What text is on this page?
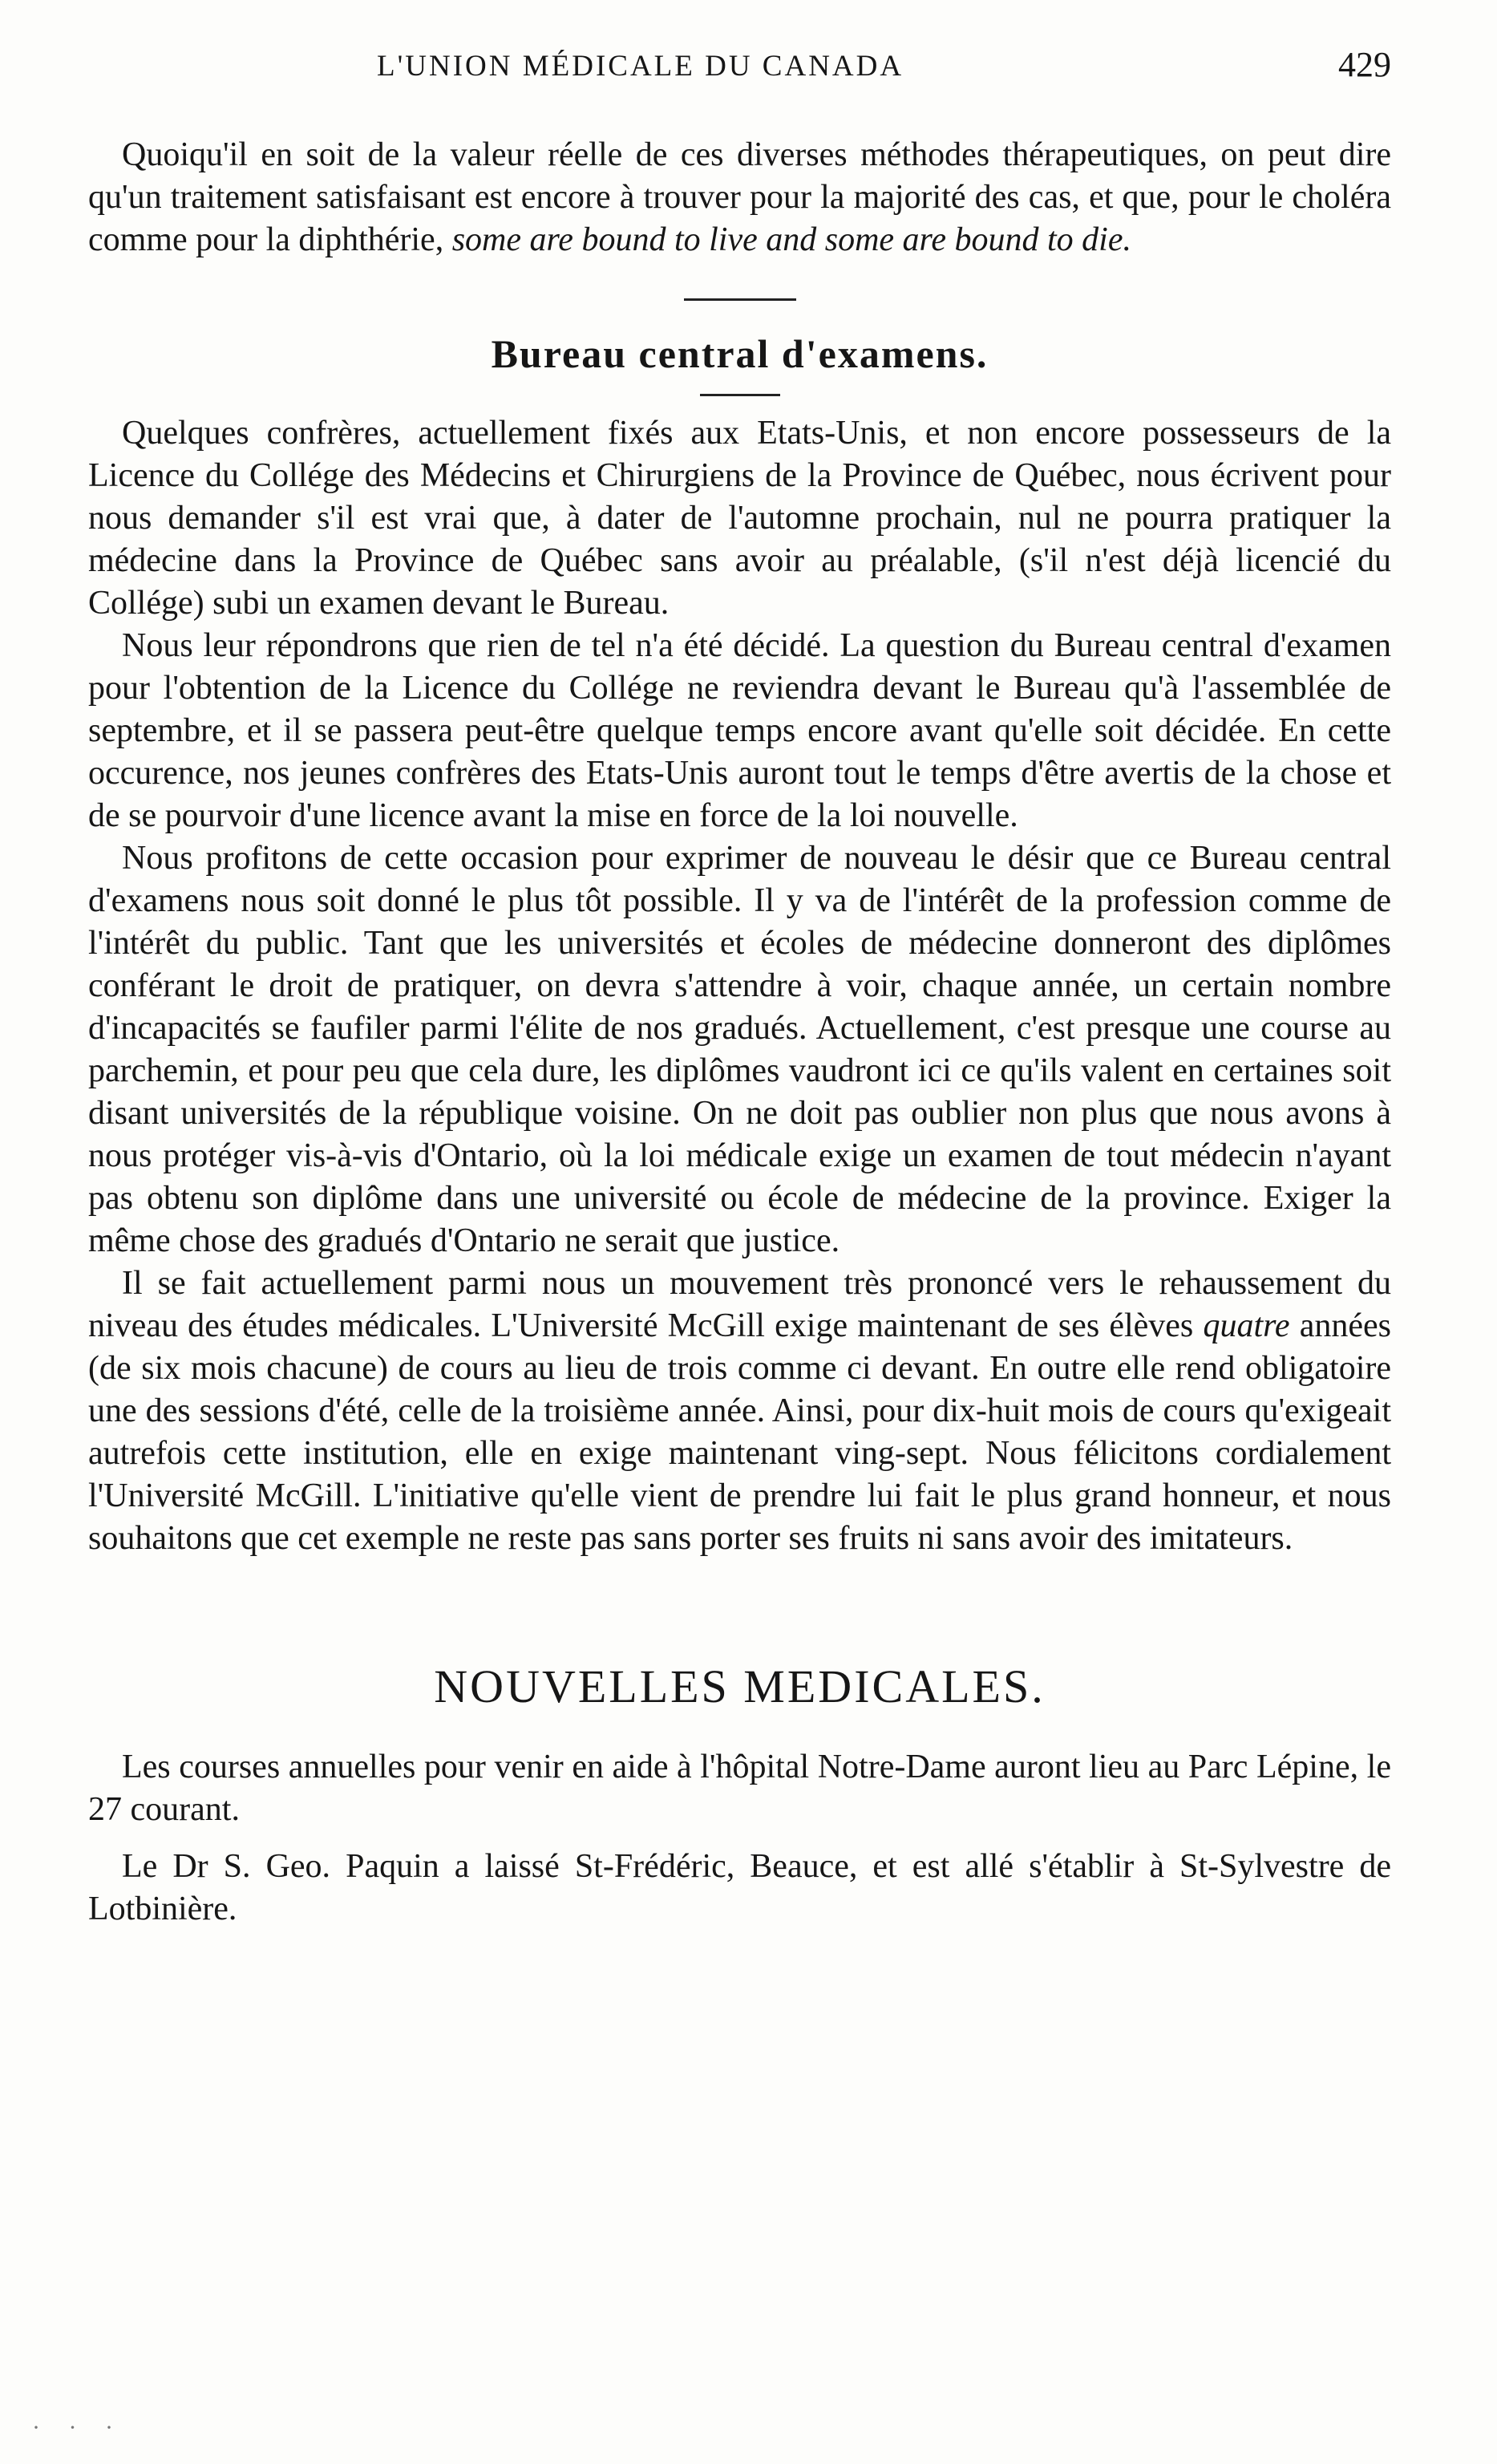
L'UNION MÉDICALE DU CANADA	429

Quoiqu'il en soit de la valeur réelle de ces diverses méthodes thérapeutiques, on peut dire qu'un traitement satisfaisant est encore à trouver pour la majorité des cas, et que, pour le choléra comme pour la diphthérie, some are bound to live and some are bound to die.

Bureau central d'examens.

Quelques confrères, actuellement fixés aux Etats-Unis, et non encore possesseurs de la Licence du Collége des Médecins et Chirurgiens de la Province de Québec, nous écrivent pour nous demander s'il est vrai que, à dater de l'automne prochain, nul ne pourra pratiquer la médecine dans la Province de Québec sans avoir au préalable, (s'il n'est déjà licencié du Collége) subi un examen devant le Bureau.

Nous leur répondrons que rien de tel n'a été décidé. La question du Bureau central d'examen pour l'obtention de la Licence du Collége ne reviendra devant le Bureau qu'à l'assemblée de septembre, et il se passera peut-être quelque temps encore avant qu'elle soit décidée. En cette occurence, nos jeunes confrères des Etats-Unis auront tout le temps d'être avertis de la chose et de se pourvoir d'une licence avant la mise en force de la loi nouvelle.

Nous profitons de cette occasion pour exprimer de nouveau le désir que ce Bureau central d'examens nous soit donné le plus tôt possible. Il y va de l'intérêt de la profession comme de l'intérêt du public. Tant que les universités et écoles de médecine donneront des diplômes conférant le droit de pratiquer, on devra s'attendre à voir, chaque année, un certain nombre d'incapacités se faufiler parmi l'élite de nos gradués. Actuellement, c'est presque une course au parchemin, et pour peu que cela dure, les diplômes vaudront ici ce qu'ils valent en certaines soit disant universités de la république voisine. On ne doit pas oublier non plus que nous avons à nous protéger vis-à-vis d'Ontario, où la loi médicale exige un examen de tout médecin n'ayant pas obtenu son diplôme dans une université ou école de médecine de la province. Exiger la même chose des gradués d'Ontario ne serait que justice.

Il se fait actuellement parmi nous un mouvement très prononcé vers le rehaussement du niveau des études médicales. L'Université McGill exige maintenant de ses élèves quatre années (de six mois chacune) de cours au lieu de trois comme ci devant. En outre elle rend obligatoire une des sessions d'été, celle de la troisième année. Ainsi, pour dix-huit mois de cours qu'exigeait autrefois cette institution, elle en exige maintenant ving-sept. Nous félicitons cordialement l'Université McGill. L'initiative qu'elle vient de prendre lui fait le plus grand honneur, et nous souhaitons que cet exemple ne reste pas sans porter ses fruits ni sans avoir des imitateurs.

NOUVELLES MEDICALES.

Les courses annuelles pour venir en aide à l'hôpital Notre-Dame auront lieu au Parc Lépine, le 27 courant.

Le Dr S. Geo. Paquin a laissé St-Frédéric, Beauce, et est allé s'établir à St-Sylvestre de Lotbinière.

· · ·
